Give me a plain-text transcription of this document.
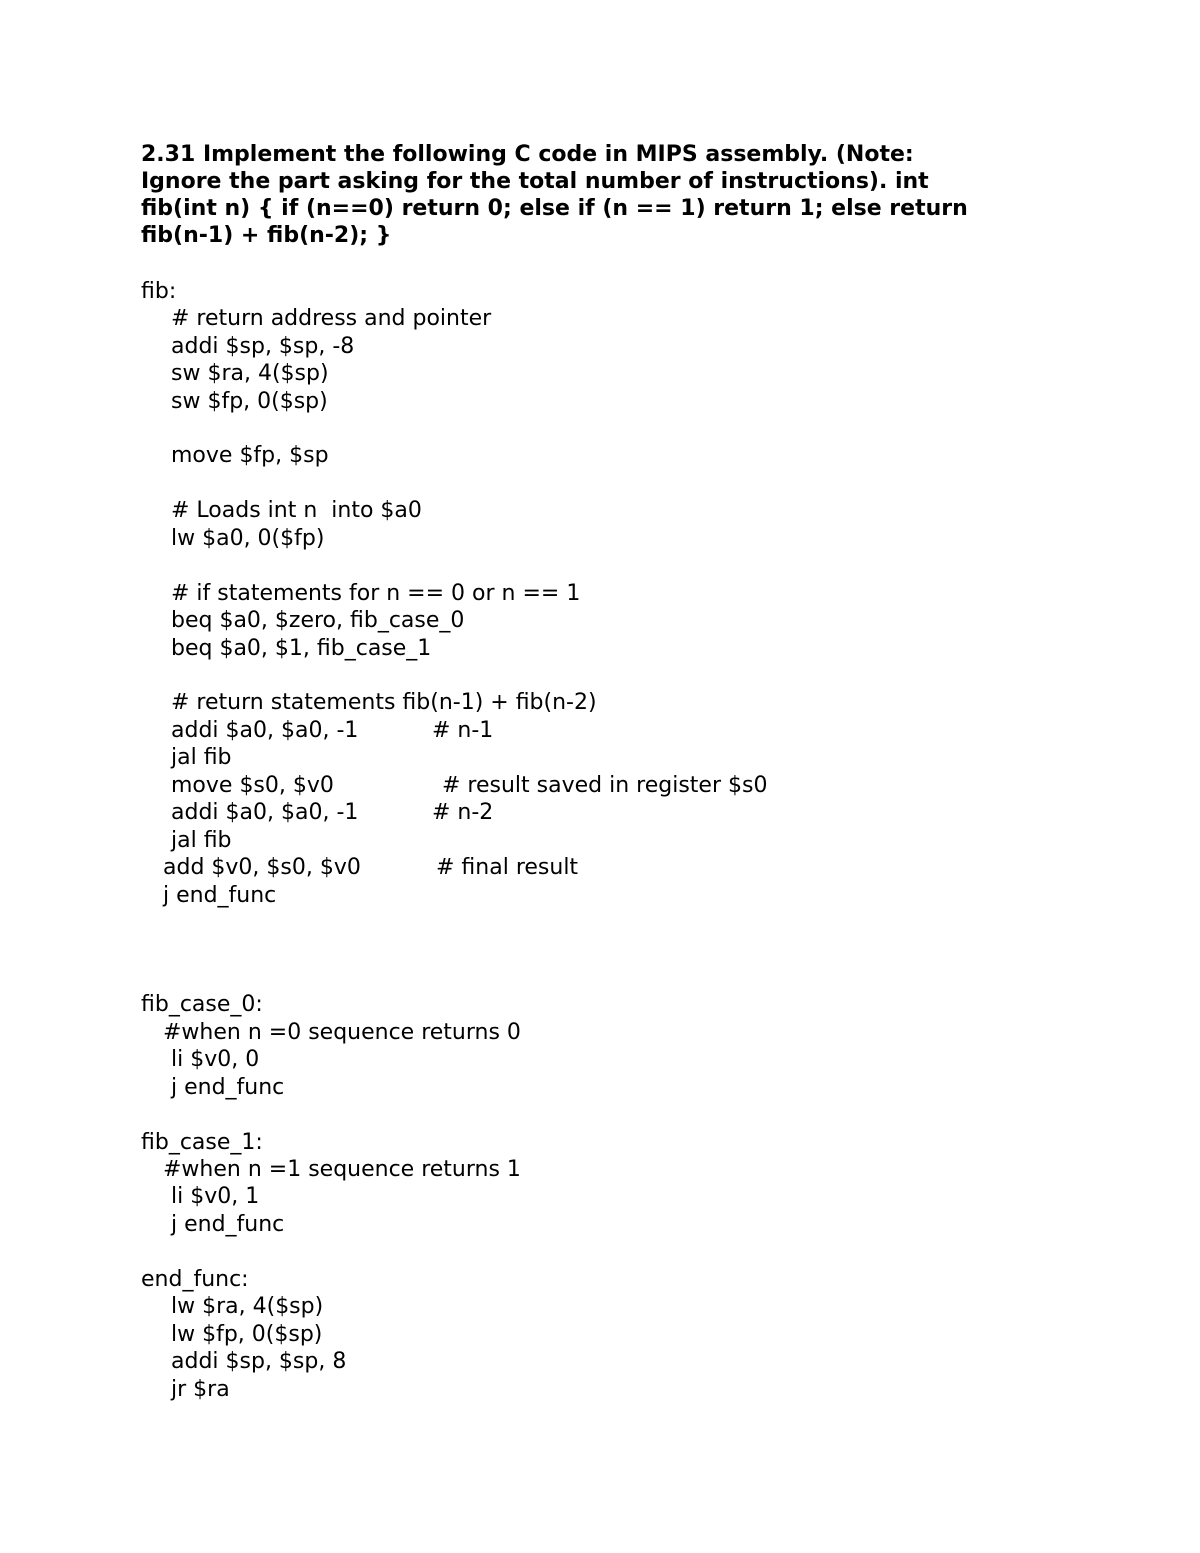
2.31 Implement the following C code in MIPS assembly. (Note:
Ignore the part asking for the total number of instructions). int
fib(int n) { if (n==0) return 0; else if (n == 1) return 1; else return
fib(n-1) + fib(n-2); }

fib:
# return address and pointer
addi $sp, $sp, -8
sw $ra, 4($sp)
sw $fp, 0($sp)
move $fp, $sp
# Loads int n  into $a0
lw $a0, 0($fp)
# if statements for n == 0 or n == 1
beq $a0, $zero, fib_case_0
beq $a0, $1, fib_case_1
# return statements fib(n-1) + fib(n-2)
addi $a0, $a0, -1	# n-1
jal fib
move $s0, $v0	# result saved in register $s0
addi $a0, $a0, -1	# n-2
jal fib
add $v0, $s0, $v0	# final result
j end_func
fib_case_0:
#when n =0 sequence returns 0
li $v0, 0
j end_func
fib_case_1:
#when n =1 sequence returns 1
li $v0, 1
j end_func
end_func:
lw $ra, 4($sp)
lw $fp, 0($sp)
addi $sp, $sp, 8
jr $ra
